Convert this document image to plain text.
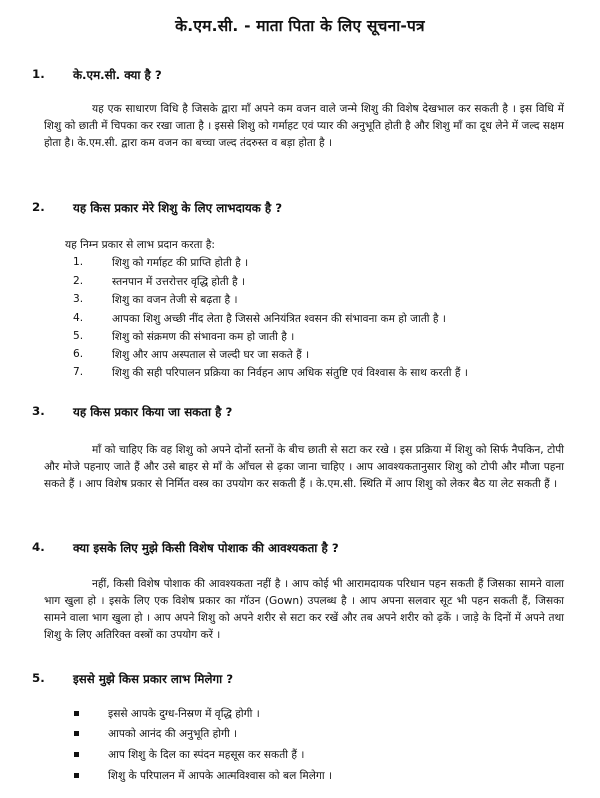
के.एम.सी. - माता पिता के लिए सूचना-पत्र
1. के.एम.सी. क्या है ?

यह एक साधारण विधि है जिसके द्वारा माँ अपने कम वजन वाले जन्मे शिशु की विशेष देखभाल कर सकती है । इस विधि में शिशु को छाती में चिपका कर रखा जाता है । इससे शिशु को गर्माहट एवं प्यार की अनुभूति होती है और शिशु माँ का दूध लेने में जल्द सक्षम होता है। के.एम.सी. द्वारा कम वजन का बच्चा जल्द तंदरुस्त व बड़ा होता है ।

2. यह किस प्रकार मेरे शिशु के लिए लाभदायक है ?
यह निम्न प्रकार से लाभ प्रदान करता है:
1.	शिशु को गर्माहट की प्राप्ति होती है ।
2.	स्तनपान में उत्तरोत्तर वृद्धि होती है ।
3.	शिशु का वजन तेजी से बढ़ता है ।
4.	आपका शिशु अच्छी नींद लेता है जिससे अनियंत्रित श्वसन की संभावना कम हो जाती है ।
5.	शिशु को संक्रमण की संभावना कम हो जाती है ।
6.	शिशु और आप अस्पताल से जल्दी घर जा सकते हैं ।
7.	शिशु की सही परिपालन प्रक्रिया का निर्वहन आप अधिक संतुष्टि एवं विश्वास के साथ करती हैं ।
3. यह किस प्रकार किया जा सकता है ?

माँ को चाहिए कि वह शिशु को अपने दोनों स्तनों के बीच छाती से सटा कर रखे । इस प्रक्रिया में शिशु को सिर्फ नैपकिन, टोपी और मोजे पहनाए जाते हैं और उसे बाहर से माँ के आँचल से ढ़का जाना चाहिए । आप आवश्यकतानुसार शिशु को टोपी और मौजा पहना सकते हैं । आप विशेष प्रकार से निर्मित वस्त्र का उपयोग कर सकती हैं । के.एम.सी. स्थिति में आप शिशु को लेकर बैठ या लेट सकती हैं ।

4. क्या इसके लिए मुझे किसी विशेष पोशाक की आवश्यकता है ?

नहीं, किसी विशेष पोशाक की आवश्यकता नहीं है । आप कोई भी आरामदायक परिधान पहन सकती हैं जिसका सामने वाला भाग खुला हो । इसके लिए एक विशेष प्रकार का गॉउन (Gown) उपलब्ध है । आप अपना सलवार सूट भी पहन सकती हैं, जिसका सामने वाला भाग खुला हो । आप अपने शिशु को अपने शरीर से सटा कर रखें और तब अपने शरीर को ढ़कें । जाड़े के दिनों में अपने तथा शिशु के लिए अतिरिक्त वस्त्रों का उपयोग करें ।

5. इससे मुझे किस प्रकार लाभ मिलेगा ?
इससे आपके दुग्ध-निस्रण में वृद्धि होगी ।
आपको आनंद की अनुभूति होगी ।
आप शिशु के दिल का स्पंदन महसूस कर सकती हैं ।
शिशु के परिपालन में आपके आत्मविश्वास को बल मिलेगा ।
